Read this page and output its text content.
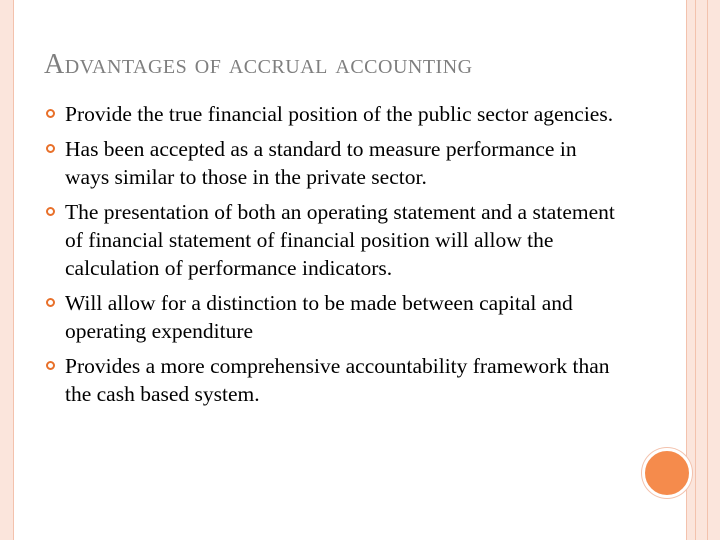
Advantages of accrual accounting
Provide the true financial position of the public sector agencies.
Has been accepted as a standard to measure performance in ways similar to those in the private sector.
The presentation of both an operating statement and a statement of financial statement of financial position will allow the calculation of performance indicators.
Will allow for a distinction to be made between capital and operating expenditure
Provides a more comprehensive accountability framework than the cash based system.
